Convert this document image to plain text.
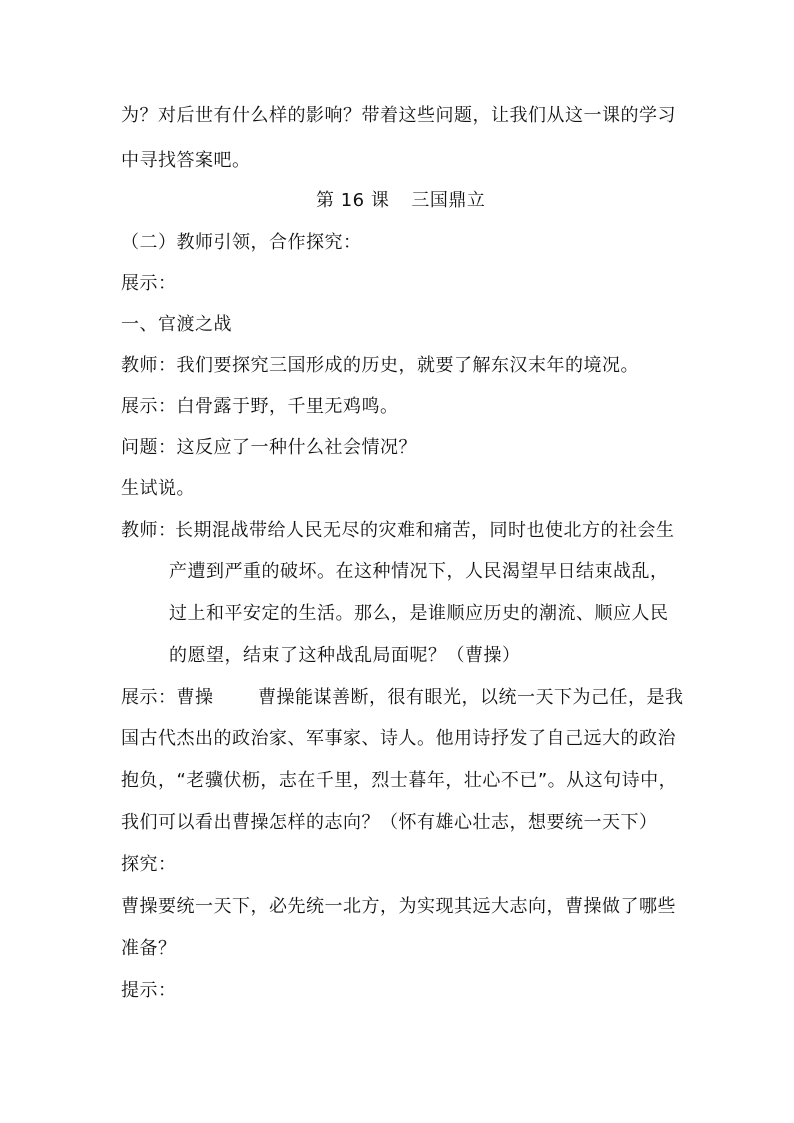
为？对后世有什么样的影响？带着这些问题，让我们从这一课的学习

中寻找答案吧。

第 16 课 三国鼎立

（二）教师引领，合作探究：

展示：

一、官渡之战

教师：我们要探究三国形成的历史，就要了解东汉末年的境况。

展示：白骨露于野，千里无鸡鸣。

问题：这反应了一种什么社会情况？

生试说。

教师：

长期混战带给人民无尽的灾难和痛苦，同时也使北方的社会生

产遭到严重的破坏。在这种情况下，人民渴望早日结束战乱，

过上和平安定的生活。那么，是谁顺应历史的潮流、顺应人民

的愿望，结束了这种战乱局面呢？（曹操）

展示：曹操 曹操能谋善断，很有眼光，以统一天下为己任，是我

国古代杰出的政治家、军事家、诗人。他用诗抒发了自己远大的政治

抱负，“老骥伏枥，志在千里，烈士暮年，壮心不已”。从这句诗中，

我们可以看出曹操怎样的志向？（怀有雄心壮志，想要统一天下）

探究：

曹操要统一天下，必先统一北方，为实现其远大志向，曹操做了哪些

准备？

提示：
